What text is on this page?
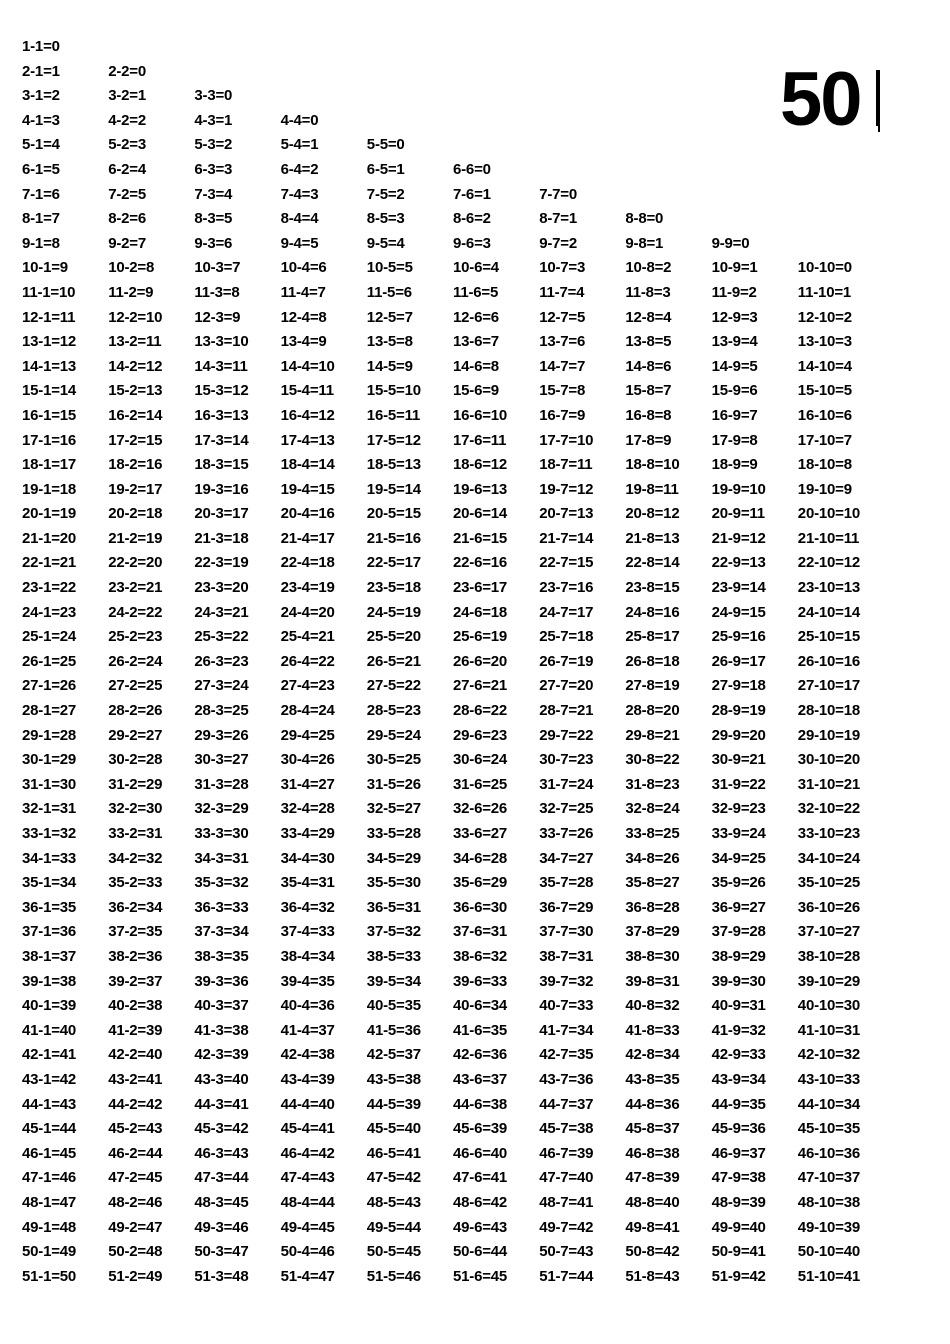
50
1-1=0
2-1=1	2-2=0
3-1=2	3-2=1	3-3=0
4-1=3	4-2=2	4-3=1	4-4=0
5-1=4	5-2=3	5-3=2	5-4=1	5-5=0
6-1=5	6-2=4	6-3=3	6-4=2	6-5=1	6-6=0
7-1=6	7-2=5	7-3=4	7-4=3	7-5=2	7-6=1	7-7=0
8-1=7	8-2=6	8-3=5	8-4=4	8-5=3	8-6=2	8-7=1	8-8=0
9-1=8	9-2=7	9-3=6	9-4=5	9-5=4	9-6=3	9-7=2	9-8=1	9-9=0
10-1=9	10-2=8	10-3=7	10-4=6	10-5=5	10-6=4	10-7=3	10-8=2	10-9=1	10-10=0
11-1=10	11-2=9	11-3=8	11-4=7	11-5=6	11-6=5	11-7=4	11-8=3	11-9=2	11-10=1
12-1=11	12-2=10	12-3=9	12-4=8	12-5=7	12-6=6	12-7=5	12-8=4	12-9=3	12-10=2
13-1=12	13-2=11	13-3=10	13-4=9	13-5=8	13-6=7	13-7=6	13-8=5	13-9=4	13-10=3
14-1=13	14-2=12	14-3=11	14-4=10	14-5=9	14-6=8	14-7=7	14-8=6	14-9=5	14-10=4
15-1=14	15-2=13	15-3=12	15-4=11	15-5=10	15-6=9	15-7=8	15-8=7	15-9=6	15-10=5
16-1=15	16-2=14	16-3=13	16-4=12	16-5=11	16-6=10	16-7=9	16-8=8	16-9=7	16-10=6
17-1=16	17-2=15	17-3=14	17-4=13	17-5=12	17-6=11	17-7=10	17-8=9	17-9=8	17-10=7
18-1=17	18-2=16	18-3=15	18-4=14	18-5=13	18-6=12	18-7=11	18-8=10	18-9=9	18-10=8
19-1=18	19-2=17	19-3=16	19-4=15	19-5=14	19-6=13	19-7=12	19-8=11	19-9=10	19-10=9
20-1=19	20-2=18	20-3=17	20-4=16	20-5=15	20-6=14	20-7=13	20-8=12	20-9=11	20-10=10
21-1=20	21-2=19	21-3=18	21-4=17	21-5=16	21-6=15	21-7=14	21-8=13	21-9=12	21-10=11
22-1=21	22-2=20	22-3=19	22-4=18	22-5=17	22-6=16	22-7=15	22-8=14	22-9=13	22-10=12
23-1=22	23-2=21	23-3=20	23-4=19	23-5=18	23-6=17	23-7=16	23-8=15	23-9=14	23-10=13
24-1=23	24-2=22	24-3=21	24-4=20	24-5=19	24-6=18	24-7=17	24-8=16	24-9=15	24-10=14
25-1=24	25-2=23	25-3=22	25-4=21	25-5=20	25-6=19	25-7=18	25-8=17	25-9=16	25-10=15
26-1=25	26-2=24	26-3=23	26-4=22	26-5=21	26-6=20	26-7=19	26-8=18	26-9=17	26-10=16
27-1=26	27-2=25	27-3=24	27-4=23	27-5=22	27-6=21	27-7=20	27-8=19	27-9=18	27-10=17
28-1=27	28-2=26	28-3=25	28-4=24	28-5=23	28-6=22	28-7=21	28-8=20	28-9=19	28-10=18
29-1=28	29-2=27	29-3=26	29-4=25	29-5=24	29-6=23	29-7=22	29-8=21	29-9=20	29-10=19
30-1=29	30-2=28	30-3=27	30-4=26	30-5=25	30-6=24	30-7=23	30-8=22	30-9=21	30-10=20
31-1=30	31-2=29	31-3=28	31-4=27	31-5=26	31-6=25	31-7=24	31-8=23	31-9=22	31-10=21
32-1=31	32-2=30	32-3=29	32-4=28	32-5=27	32-6=26	32-7=25	32-8=24	32-9=23	32-10=22
33-1=32	33-2=31	33-3=30	33-4=29	33-5=28	33-6=27	33-7=26	33-8=25	33-9=24	33-10=23
34-1=33	34-2=32	34-3=31	34-4=30	34-5=29	34-6=28	34-7=27	34-8=26	34-9=25	34-10=24
35-1=34	35-2=33	35-3=32	35-4=31	35-5=30	35-6=29	35-7=28	35-8=27	35-9=26	35-10=25
36-1=35	36-2=34	36-3=33	36-4=32	36-5=31	36-6=30	36-7=29	36-8=28	36-9=27	36-10=26
37-1=36	37-2=35	37-3=34	37-4=33	37-5=32	37-6=31	37-7=30	37-8=29	37-9=28	37-10=27
38-1=37	38-2=36	38-3=35	38-4=34	38-5=33	38-6=32	38-7=31	38-8=30	38-9=29	38-10=28
39-1=38	39-2=37	39-3=36	39-4=35	39-5=34	39-6=33	39-7=32	39-8=31	39-9=30	39-10=29
40-1=39	40-2=38	40-3=37	40-4=36	40-5=35	40-6=34	40-7=33	40-8=32	40-9=31	40-10=30
41-1=40	41-2=39	41-3=38	41-4=37	41-5=36	41-6=35	41-7=34	41-8=33	41-9=32	41-10=31
42-1=41	42-2=40	42-3=39	42-4=38	42-5=37	42-6=36	42-7=35	42-8=34	42-9=33	42-10=32
43-1=42	43-2=41	43-3=40	43-4=39	43-5=38	43-6=37	43-7=36	43-8=35	43-9=34	43-10=33
44-1=43	44-2=42	44-3=41	44-4=40	44-5=39	44-6=38	44-7=37	44-8=36	44-9=35	44-10=34
45-1=44	45-2=43	45-3=42	45-4=41	45-5=40	45-6=39	45-7=38	45-8=37	45-9=36	45-10=35
46-1=45	46-2=44	46-3=43	46-4=42	46-5=41	46-6=40	46-7=39	46-8=38	46-9=37	46-10=36
47-1=46	47-2=45	47-3=44	47-4=43	47-5=42	47-6=41	47-7=40	47-8=39	47-9=38	47-10=37
48-1=47	48-2=46	48-3=45	48-4=44	48-5=43	48-6=42	48-7=41	48-8=40	48-9=39	48-10=38
49-1=48	49-2=47	49-3=46	49-4=45	49-5=44	49-6=43	49-7=42	49-8=41	49-9=40	49-10=39
50-1=49	50-2=48	50-3=47	50-4=46	50-5=45	50-6=44	50-7=43	50-8=42	50-9=41	50-10=40
51-1=50	51-2=49	51-3=48	51-4=47	51-5=46	51-6=45	51-7=44	51-8=43	51-9=42	51-10=41
